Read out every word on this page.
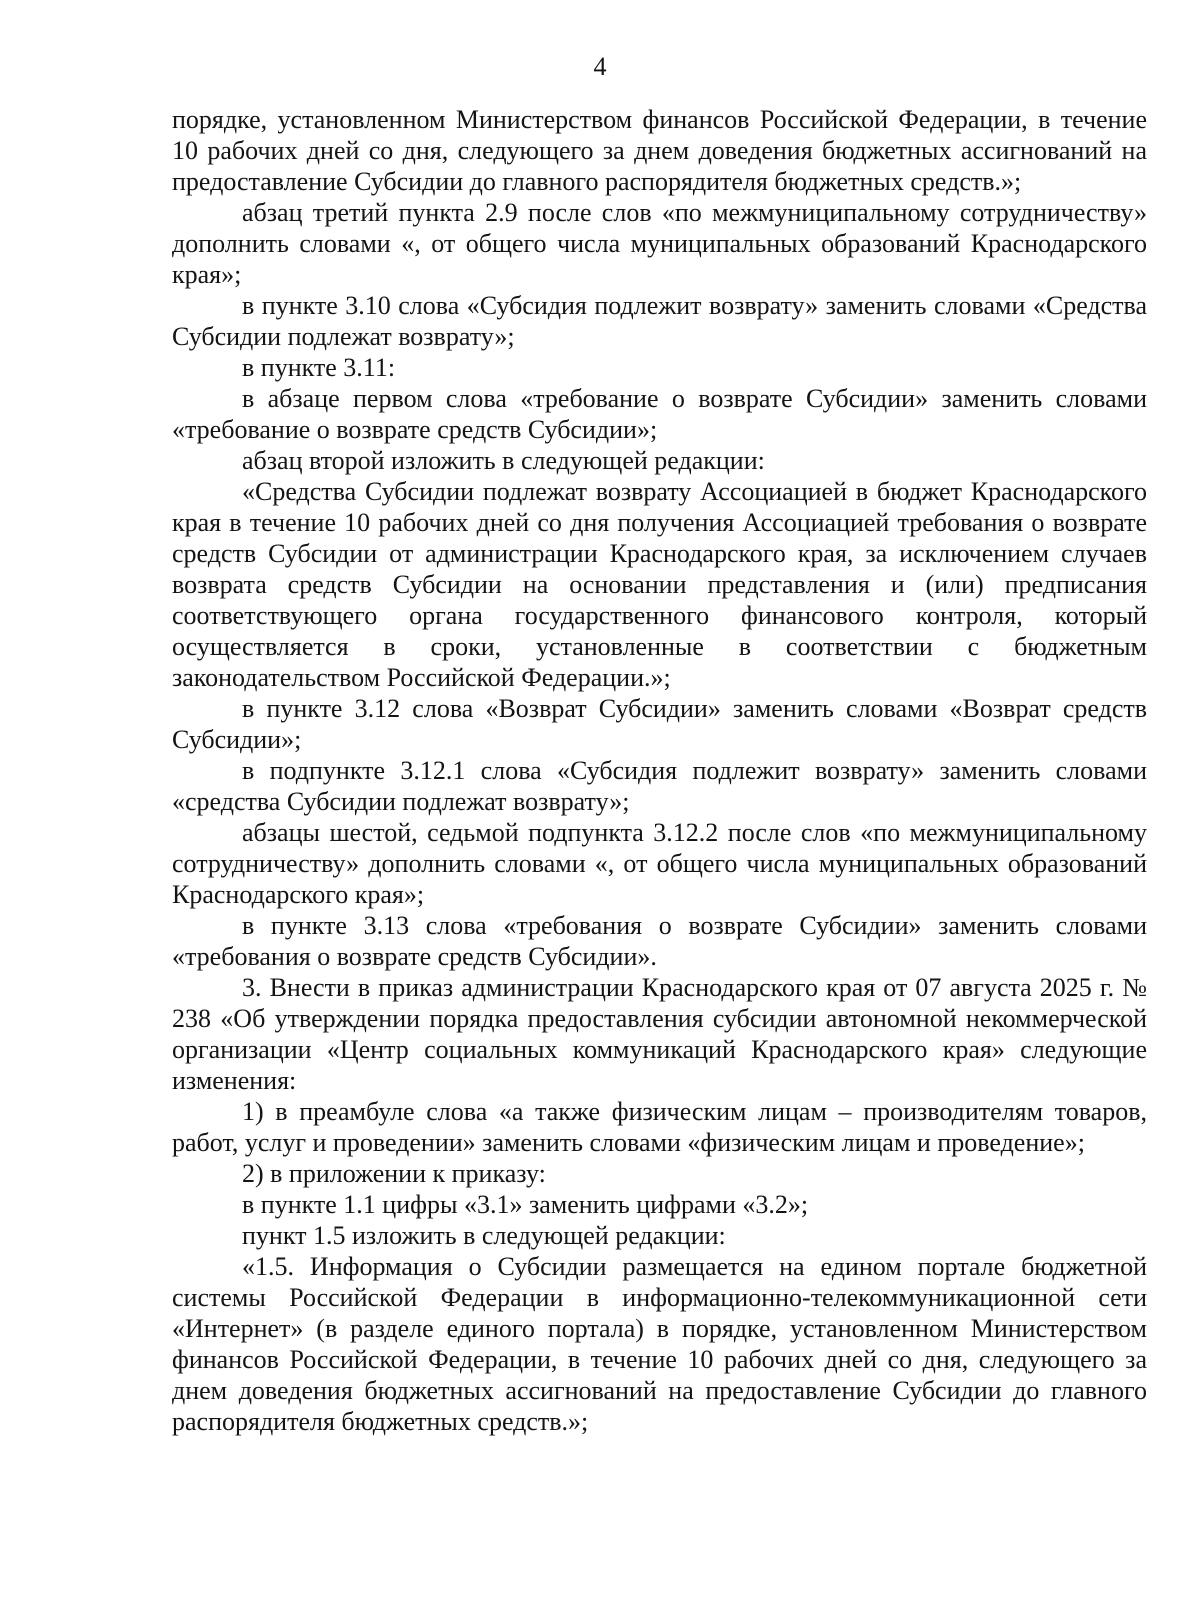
4

порядке, установленном Министерством финансов Российской Федерации, в течение 10 рабочих дней со дня, следующего за днем доведения бюджетных ассигнований на предоставление Субсидии до главного распорядителя бюджетных средств.»;

абзац третий пункта 2.9 после слов «по межмуниципальному сотрудничеству» дополнить словами «, от общего числа муниципальных образований Краснодарского края»;

в пункте 3.10 слова «Субсидия подлежит возврату» заменить словами «Средства Субсидии подлежат возврату»;

в пункте 3.11:

в абзаце первом слова «требование о возврате Субсидии» заменить словами «требование о возврате средств Субсидии»;

абзац второй изложить в следующей редакции:

«Средства Субсидии подлежат возврату Ассоциацией в бюджет Краснодарского края в течение 10 рабочих дней со дня получения Ассоциацией требования о возврате средств Субсидии от администрации Краснодарского края, за исключением случаев возврата средств Субсидии на основании представления и (или) предписания соответствующего органа государственного финансового контроля, который осуществляется в сроки, установленные в соответствии с бюджетным законодательством Российской Федерации.»;

в пункте 3.12 слова «Возврат Субсидии» заменить словами «Возврат средств Субсидии»;

в подпункте 3.12.1 слова «Субсидия подлежит возврату» заменить словами «средства Субсидии подлежат возврату»;

абзацы шестой, седьмой подпункта 3.12.2 после слов «по межмуниципальному сотрудничеству» дополнить словами «, от общего числа муниципальных образований Краснодарского края»;

в пункте 3.13 слова «требования о возврате Субсидии» заменить словами «требования о возврате средств Субсидии».

3. Внести в приказ администрации Краснодарского края от 07 августа 2025 г. № 238 «Об утверждении порядка предоставления субсидии автономной некоммерческой организации «Центр социальных коммуникаций Краснодарского края» следующие изменения:

1) в преамбуле слова «а также физическим лицам – производителям товаров, работ, услуг и проведении» заменить словами «физическим лицам и проведение»;

2) в приложении к приказу:

в пункте 1.1 цифры «3.1» заменить цифрами «3.2»;

пункт 1.5 изложить в следующей редакции:

«1.5. Информация о Субсидии размещается на едином портале бюджетной системы Российской Федерации в информационно-телекоммуникационной сети «Интернет» (в разделе единого портала) в порядке, установленном Министерством финансов Российской Федерации, в течение 10 рабочих дней со дня, следующего за днем доведения бюджетных ассигнований на предоставление Субсидии до главного распорядителя бюджетных средств.»;
